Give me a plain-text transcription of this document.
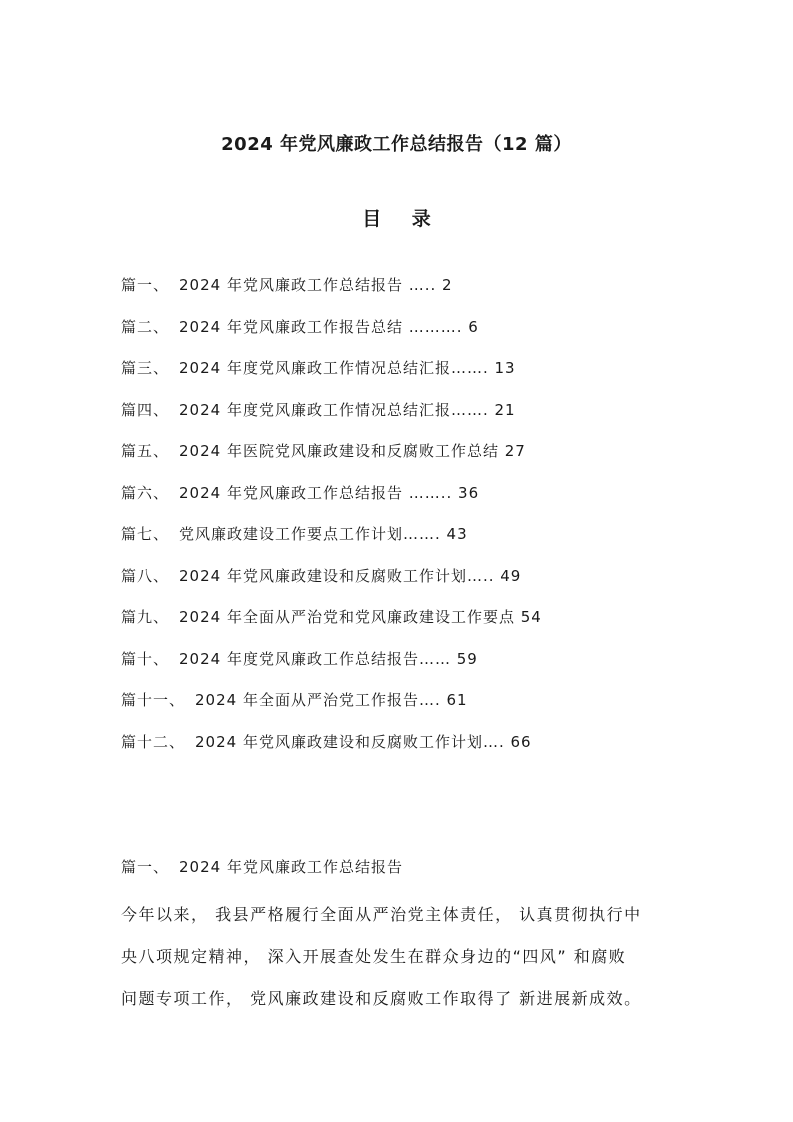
2024 年党风廉政工作总结报告（12 篇）
目 录
篇一、 2024 年党风廉政工作总结报告 ….. 2
篇二、 2024 年党风廉政工作报告总结 ………. 6
篇三、 2024 年度党风廉政工作情况总结汇报……. 13
篇四、 2024 年度党风廉政工作情况总结汇报……. 21
篇五、 2024 年医院党风廉政建设和反腐败工作总结 27
篇六、 2024 年党风廉政工作总结报告 …….. 36
篇七、 党风廉政建设工作要点工作计划……. 43
篇八、 2024 年党风廉政建设和反腐败工作计划….. 49
篇九、 2024 年全面从严治党和党风廉政建设工作要点 54
篇十、 2024 年度党风廉政工作总结报告…… 59
篇十一、 2024 年全面从严治党工作报告…. 61
篇十二、 2024 年党风廉政建设和反腐败工作计划…. 66
篇一、 2024 年党风廉政工作总结报告

今年以来， 我县严格履行全面从严治党主体责任， 认真贯彻执行中
央八项规定精神， 深入开展查处发生在群众身边的“四风” 和腐败
问题专项工作， 党风廉政建设和反腐败工作取得了 新进展新成效。
